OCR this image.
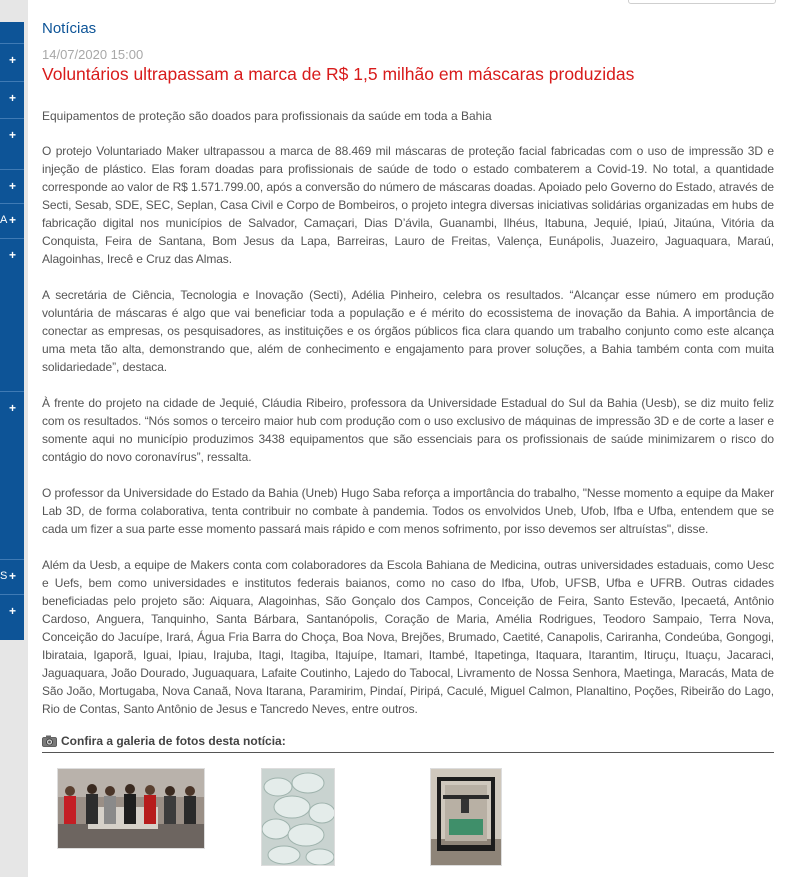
+
+
+
+
A +
+
+
S +
+
Notícias
14/07/2020 15:00
Voluntários ultrapassam a marca de R$ 1,5 milhão em máscaras produzidas
Equipamentos de proteção são doados para profissionais da saúde em toda a Bahia

O protejo Voluntariado Maker ultrapassou a marca de 88.469 mil máscaras de proteção facial fabricadas com o uso de impressão 3D e injeção de plástico. Elas foram doadas para profissionais de saúde de todo o estado combaterem a Covid-19. No total, a quantidade corresponde ao valor de R$ 1.571.799.00, após a conversão do número de máscaras doadas. Apoiado pelo Governo do Estado, através de Secti, Sesab, SDE, SEC, Seplan, Casa Civil e Corpo de Bombeiros, o projeto integra diversas iniciativas solidárias organizadas em hubs de fabricação digital nos municípios de Salvador, Camaçari, Dias D’ávila, Guanambi, Ilhéus, Itabuna, Jequié, Ipiaú, Jitaúna, Vitória da Conquista, Feira de Santana, Bom Jesus da Lapa, Barreiras, Lauro de Freitas, Valença, Eunápolis, Juazeiro, Jaguaquara, Maraú, Alagoinhas, Irecê e Cruz das Almas.

A secretária de Ciência, Tecnologia e Inovação (Secti), Adélia Pinheiro, celebra os resultados. “Alcançar esse número em produção voluntária de máscaras é algo que vai beneficiar toda a população e é mérito do ecossistema de inovação da Bahia. A importância de conectar as empresas, os pesquisadores, as instituições e os órgãos públicos fica clara quando um trabalho conjunto como este alcança uma meta tão alta, demonstrando que, além de conhecimento e engajamento para prover soluções, a Bahia também conta com muita solidariedade”, destaca.

À frente do projeto na cidade de Jequié, Cláudia Ribeiro, professora da Universidade Estadual do Sul da Bahia (Uesb), se diz muito feliz com os resultados. “Nós somos o terceiro maior hub com produção com o uso exclusivo de máquinas de impressão 3D e de corte a laser e somente aqui no município produzimos 3438 equipamentos que são essenciais para os profissionais de saúde minimizarem o risco do contágio do novo coronavírus”, ressalta.

O professor da Universidade do Estado da Bahia (Uneb) Hugo Saba reforça a importância do trabalho, "Nesse momento a equipe da Maker Lab 3D, de forma colaborativa, tenta contribuir no combate à pandemia. Todos os envolvidos Uneb, Ufob, Ifba e Ufba, entendem que se cada um fizer a sua parte esse momento passará mais rápido e com menos sofrimento, por isso devemos ser altruístas", disse.

Além da Uesb, a equipe de Makers conta com colaboradores da Escola Bahiana de Medicina, outras universidades estaduais, como Uesc e Uefs, bem como universidades e institutos federais baianos, como no caso do Ifba, Ufob, UFSB, Ufba e UFRB. Outras cidades beneficiadas pelo projeto são: Aiquara, Alagoinhas, São Gonçalo dos Campos, Conceição de Feira, Santo Estevão, Ipecaetá, Antônio Cardoso, Anguera, Tanquinho, Santa Bárbara, Santanópolis, Coração de Maria, Amélia Rodrigues, Teodoro Sampaio, Terra Nova, Conceição do Jacuípe, Irará, Água Fria Barra do Choça, Boa Nova, Brejões, Brumado, Caetité, Canapolis, Cariranha, Condeúba, Gongogi, Ibirataia, Igaporã, Iguai, Ipiau, Irajuba, Itagi, Itagiba, Itajuípe, Itamari, Itambé, Itapetinga, Itaquara, Itarantim, Itiruçu, Ituaçu, Jacaraci, Jaguaquara, João Dourado, Juguaquara, Lafaite Coutinho, Lajedo do Tabocal, Livramento de Nossa Senhora, Maetinga, Maracás, Mata de São João, Mortugaba, Nova Canaã, Nova Itarana, Paramirim, Pindaí, Piripá, Caculé, Miguel Calmon, Planaltino, Poções, Ribeirão do Lago, Rio de Contas, Santo Antônio de Jesus e Tancredo Neves, entre outros.

Confira a galeria de fotos desta notícia:
